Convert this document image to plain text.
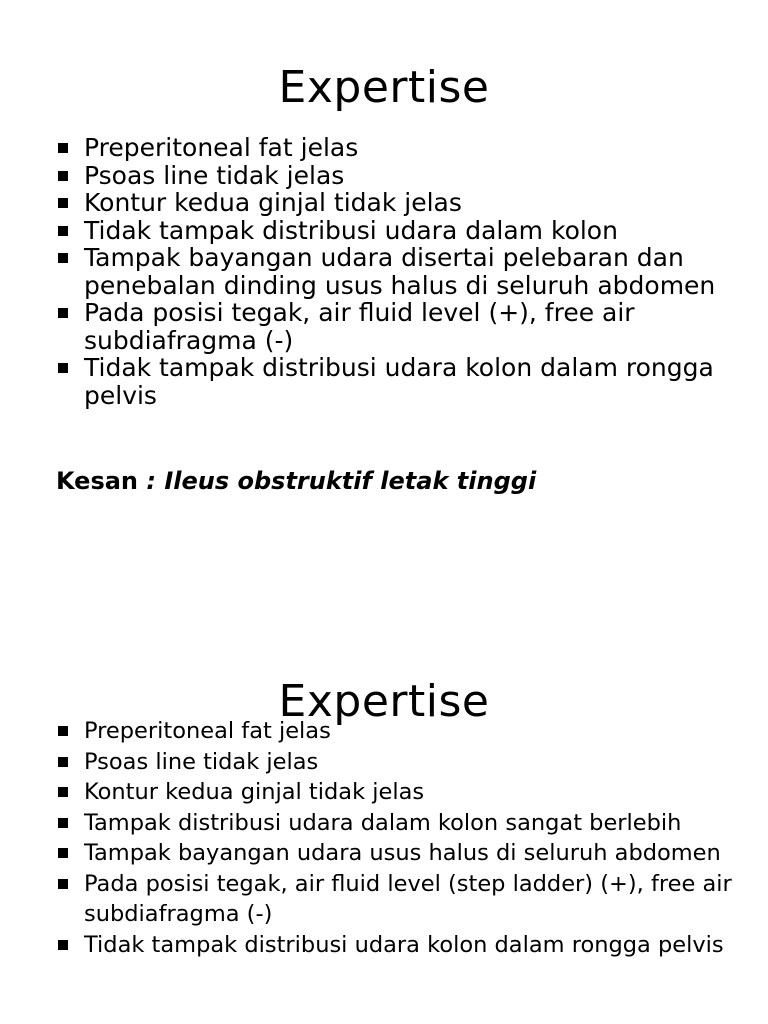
Expertise
Preperitoneal fat jelas
Psoas line tidak jelas
Kontur kedua ginjal tidak jelas
Tidak tampak distribusi udara dalam kolon
Tampak bayangan udara disertai pelebaran dan penebalan dinding usus halus di seluruh abdomen
Pada posisi tegak, air fluid level (+), free air subdiafragma (-)
Tidak tampak distribusi udara kolon dalam rongga pelvis
Kesan : Ileus obstruktif letak tinggi
Expertise
Preperitoneal fat jelas
Psoas line tidak jelas
Kontur kedua ginjal tidak jelas
Tampak distribusi udara dalam kolon sangat berlebih
Tampak bayangan udara usus halus di seluruh abdomen
Pada posisi tegak, air fluid level (step ladder) (+), free air subdiafragma (-)
Tidak tampak distribusi udara kolon dalam rongga pelvis
